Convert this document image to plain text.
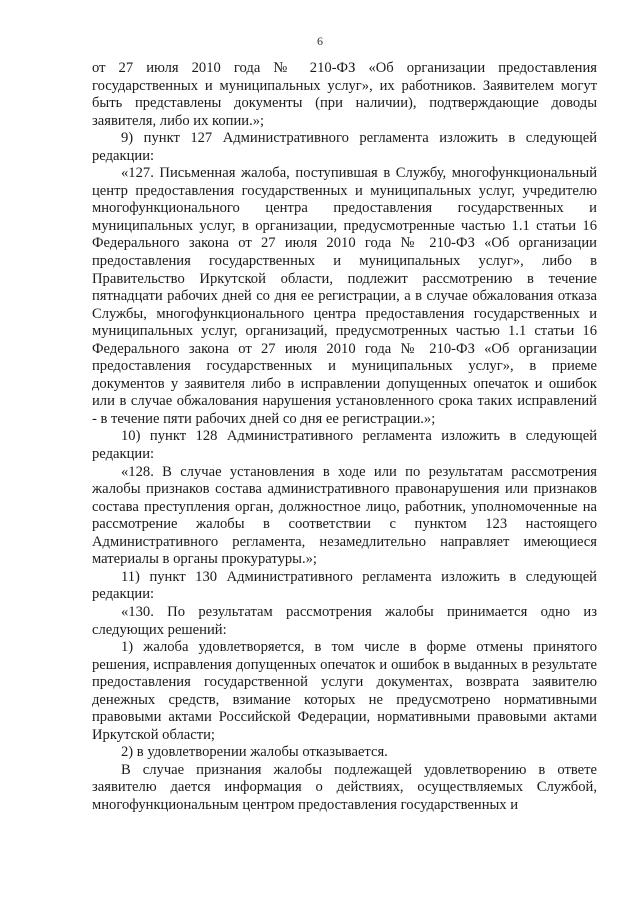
6

от 27 июля 2010 года № 210-ФЗ «Об организации предоставления государственных и муниципальных услуг», их работников. Заявителем могут быть представлены документы (при наличии), подтверждающие доводы заявителя, либо их копии.»;

9) пункт 127 Административного регламента изложить в следующей редакции:

«127. Письменная жалоба, поступившая в Службу, многофункциональный центр предоставления государственных и муниципальных услуг, учредителю многофункционального центра предоставления государственных и муниципальных услуг, в организации, предусмотренные частью 1.1 статьи 16 Федерального закона от 27 июля 2010 года № 210-ФЗ «Об организации предоставления государственных и муниципальных услуг», либо в Правительство Иркутской области, подлежит рассмотрению в течение пятнадцати рабочих дней со дня ее регистрации, а в случае обжалования отказа Службы, многофункционального центра предоставления государственных и муниципальных услуг, организаций, предусмотренных частью 1.1 статьи 16 Федерального закона от 27 июля 2010 года № 210-ФЗ «Об организации предоставления государственных и муниципальных услуг», в приеме документов у заявителя либо в исправлении допущенных опечаток и ошибок или в случае обжалования нарушения установленного срока таких исправлений - в течение пяти рабочих дней со дня ее регистрации.»;

10) пункт 128 Административного регламента изложить в следующей редакции:

«128. В случае установления в ходе или по результатам рассмотрения жалобы признаков состава административного правонарушения или признаков состава преступления орган, должностное лицо, работник, уполномоченные на рассмотрение жалобы в соответствии с пунктом 123 настоящего Административного регламента, незамедлительно направляет имеющиеся материалы в органы прокуратуры.»;

11) пункт 130 Административного регламента изложить в следующей редакции:

«130. По результатам рассмотрения жалобы принимается одно из следующих решений:

1) жалоба удовлетворяется, в том числе в форме отмены принятого решения, исправления допущенных опечаток и ошибок в выданных в результате предоставления государственной услуги документах, возврата заявителю денежных средств, взимание которых не предусмотрено нормативными правовыми актами Российской Федерации, нормативными правовыми актами Иркутской области;

2) в удовлетворении жалобы отказывается.

В случае признания жалобы подлежащей удовлетворению в ответе заявителю дается информация о действиях, осуществляемых Службой, многофункциональным центром предоставления государственных и
